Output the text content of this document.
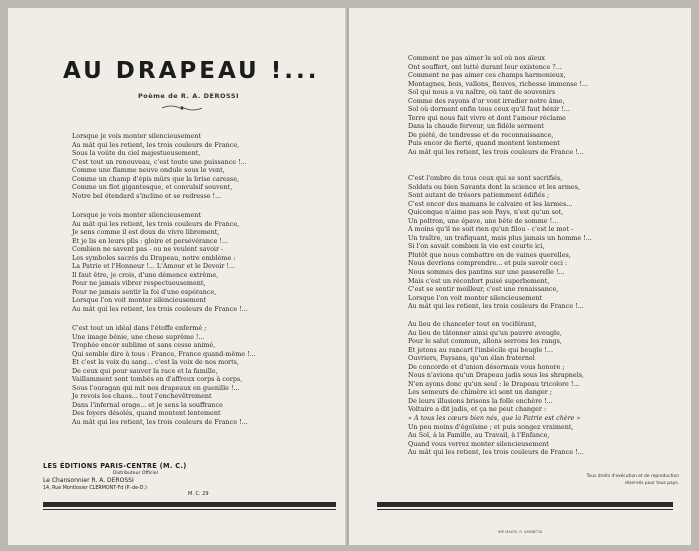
AU DRAPEAU !...
Poème de R. A. DEROSSI
Lorsque je vois monter silencieusement
Au mât qui les retient, les trois couleurs de France,
Sous la voûte du ciel majestueusement,
C'est tout un renouveau, c'est toute une puissance !...
Comme une flamme neuve ondule sous le vent,
Comme un champ d'épis mûrs que la brise caresse,
Comme un flot gigantesque, et convulsif souvent,
Notre bel étendard s'incline et se redresse !...
Lorsque je vois monter silencieusement
Au mât qui les retient, les trois couleurs de France,
Je sens comme il est doux de vivre librement,
Et je lis en leurs plis : gloire et persévérance !...
Combien ne savent pas - ou ne veulent savoir -
Les symboles sacrés du Drapeau, notre emblème :
La Patrie et l'Honneur !... L'Amour et le Devoir !...
Il faut être, je crois, d'une démence extrême,
Pour ne jamais vibrer respectueusement,
Pour ne jamais sentir la foi d'une espérance,
Lorsque l'on voit monter silencieusement
Au mât qui les retient, les trois couleurs de France !...
C'est tout un idéal dans l'étoffe enfermé ;
Une image bénie, une chose suprême !...
Trophée encor sublime et sans cesse animé,
Qui semble dire à tous : France, France quand-même !...
Et c'est la voix du sang... c'est la voix de nos morts,
De ceux qui pour sauver la race et la famille,
Vaillamment sont tombés en d'affreux corps à corps,
Sous l'ouragan qui mit nos drapeaux en guenille !...
Je revois les chaos... tout l'enchevêtrement
Dans l'infernal orage... et je sens la souffrance
Des foyers désolés, quand montent lentement
Au mât qui les retient, les trois couleurs de France !...
LES ÉDITIONS PARIS-CENTRE (M. C.)
Distributeur Officiel
Le Chansonnier R. A. DEROSSI
14, Rue Montlosier CLERMONT-Fd (P.-de-D.)
M. C. 29
Comment ne pas aimer le sol où nos aïeux
Ont souffert, ont lutté durant leur existence ?...
Comment ne pas aimer ces champs harmonieux,
Montagnes, bois, vallons, fleuves, richesse immense !...
Sol qui nous a vu naître, où tant de souvenirs
Comme des rayons d'or vont irradier notre âme,
Sol où dorment enfin tous ceux qu'il faut bénir !...
Terre qui nous fait vivre et dont l'amour réclame
Dans la chaude ferveur, un fidèle serment
De piété, de tendresse et de reconnaissance,
Puis encor de fierté, quand montent lentement
Au mât qui les retient, les trois couleurs de France !...
C'est l'ombre de tous ceux qui se sont sacrifiés,
Soldats ou bien Savants dont la science et les armes,
Sont autant de trésors patiemment édifiés ;
C'est encor des mamans le calvaire et les larmes...
Quiconque n'aime pas son Pays, n'est qu'un sot,
Un poltron, une épave, une bête de somme !...
A moins qu'il ne soit rien qu'un filou - c'est le mot -
Un traître, un trafiquant, mais plus jamais un homme !...
Si l'on savait combien la vie est courte ici,
Plutôt que nous combattre en de vaines querelles,
Nous devrions comprendre... et puis savoir ceci :
Nous sommes des pantins sur une passerelle !...
Mais c'est un réconfort puisé superbement,
C'est se sentir meilleur, c'est une renaissance,
Lorsque l'on voit monter silencieusement
Au mât qui les retient, les trois couleurs de France !...
Au lieu de chanceler tout en vociférant,
Au lieu de tâtonner ainsi qu'un pauvre aveugle,
Pour le salut commun, allons serrons les rangs,
Et jetons au rancart l'imbécile qui beugle !...
Ouvriers, Paysans, qu'un élan fraternel
De concorde et d'union désormais vous honore ;
Nous n'avions qu'un Drapeau jadis sous les shrapnels,
N'en ayons donc qu'un seul : le Drapeau tricolore !...
Les semeurs de chimère ici sont un danger ;
De leurs illusions brisons la folle enchère !...
Voltaire a dit jadis, et ça ne peut changer :
« A tous les cœurs bien nés, que la Patrie est chère »
Un peu moins d'égoïsme ; et puis songez vraiment,
Au Sol, à la Famille, au Travail, à l'Enfance,
Quand vous verrez monter silencieusement
Au mât qui les retient, les trois couleurs de France !...
Tous droits d'exécution et de reproduction
réservés pour tous pays.
IMP. MAZYE, R. GAMBETTA
